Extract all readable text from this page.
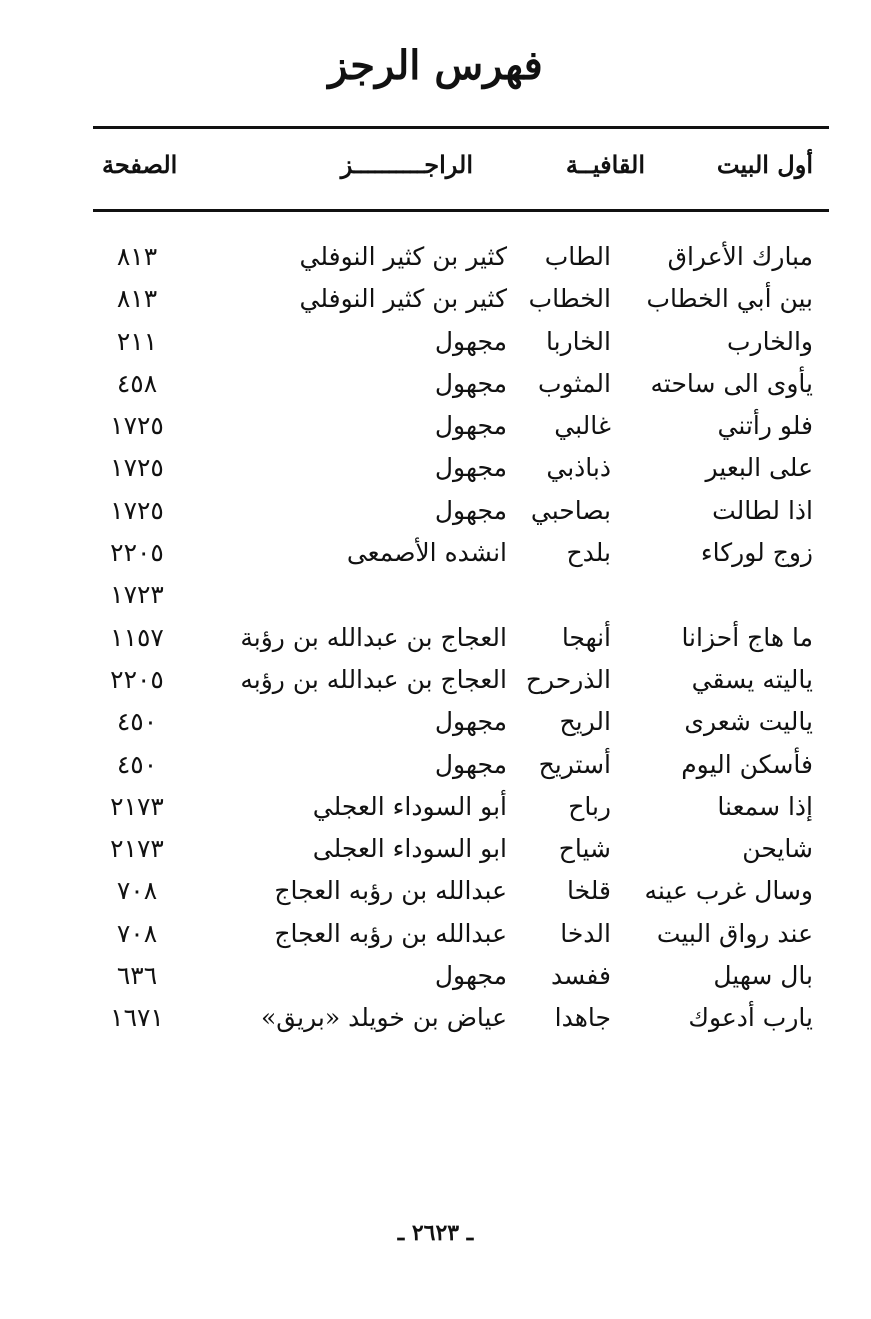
فهرس الرجز
أول البيت
القافيــة
الراجــــــــــز
الصفحة
مبارك الأعراق
الطاب
كثير بن كثير النوفلي
٨١٣
بين أبي الخطاب
الخطاب
كثير بن كثير النوفلي
٨١٣
والخارب
الخاربا
مجهول
٢١١
يأوى الى ساحته
المثوب
مجهول
٤٥٨
فلو رأتني
غالبي
مجهول
١٧٢٥
على البعير
ذباذبي
مجهول
١٧٢٥
اذا لطالت
بصاحبي
مجهول
١٧٢٥
زوج لوركاء
بلدح
انشده الأصمعى
٢٢٠٥
١٧٢٣
ما هاج أحزانا
أنهجا
العجاج بن عبدالله بن رؤبة
١١٥٧
ياليته يسقي
الذرحرح
العجاج بن عبدالله بن رؤبه
٢٢٠٥
ياليت شعرى
الريح
مجهول
٤٥٠
فأسكن اليوم
أستريح
مجهول
٤٥٠
إذا سمعنا
رباح
أبو السوداء العجلي
٢١٧٣
شايحن
شياح
ابو السوداء العجلى
٢١٧٣
وسال غرب عينه
قلخا
عبدالله بن رؤبه العجاج
٧٠٨
عند رواق البيت
الدخا
عبدالله بن رؤبه العجاج
٧٠٨
بال سهيل
ففسد
مجهول
٦٣٦
يارب أدعوك
جاهدا
عياض بن خويلد «بريق»
١٦٧١
ـ ٢٦٢٣ ـ
